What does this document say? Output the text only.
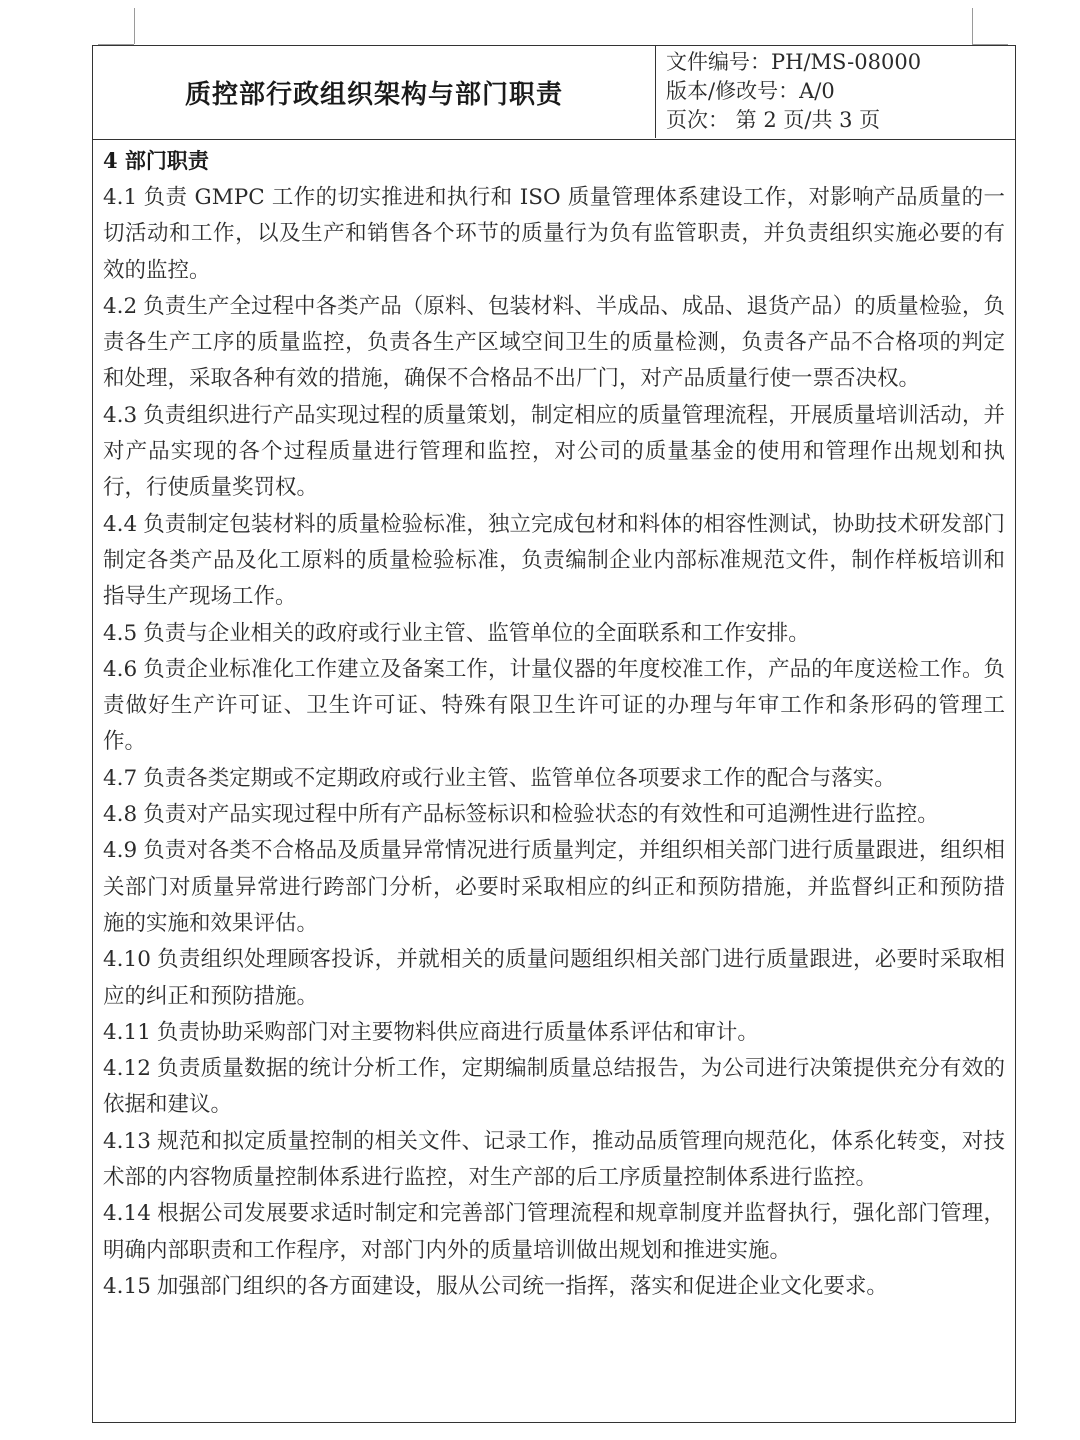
质控部行政组织架构与部门职责
文件编号：PH/MS-08000
版本/修改号：A/0
页次： 第 2 页/共 3 页
4 部门职责

4.1 负责 GMPC 工作的切实推进和执行和 ISO 质量管理体系建设工作，对影响产品质量的一切活动和工作，以及生产和销售各个环节的质量行为负有监管职责，并负责组织实施必要的有效的监控。

4.2 负责生产全过程中各类产品（原料、包装材料、半成品、成品、退货产品）的质量检验，负责各生产工序的质量监控，负责各生产区域空间卫生的质量检测，负责各产品不合格项的判定和处理，采取各种有效的措施，确保不合格品不出厂门，对产品质量行使一票否决权。

4.3 负责组织进行产品实现过程的质量策划，制定相应的质量管理流程，开展质量培训活动，并对产品实现的各个过程质量进行管理和监控，对公司的质量基金的使用和管理作出规划和执行，行使质量奖罚权。

4.4 负责制定包装材料的质量检验标准，独立完成包材和料体的相容性测试，协助技术研发部门制定各类产品及化工原料的质量检验标准，负责编制企业内部标准规范文件，制作样板培训和指导生产现场工作。

4.5 负责与企业相关的政府或行业主管、监管单位的全面联系和工作安排。

4.6 负责企业标准化工作建立及备案工作，计量仪器的年度校准工作，产品的年度送检工作。负责做好生产许可证、卫生许可证、特殊有限卫生许可证的办理与年审工作和条形码的管理工作。

4.7 负责各类定期或不定期政府或行业主管、监管单位各项要求工作的配合与落实。

4.8 负责对产品实现过程中所有产品标签标识和检验状态的有效性和可追溯性进行监控。

4.9 负责对各类不合格品及质量异常情况进行质量判定，并组织相关部门进行质量跟进，组织相关部门对质量异常进行跨部门分析，必要时采取相应的纠正和预防措施，并监督纠正和预防措施的实施和效果评估。

4.10 负责组织处理顾客投诉，并就相关的质量问题组织相关部门进行质量跟进，必要时采取相应的纠正和预防措施。

4.11 负责协助采购部门对主要物料供应商进行质量体系评估和审计。

4.12 负责质量数据的统计分析工作，定期编制质量总结报告，为公司进行决策提供充分有效的依据和建议。

4.13 规范和拟定质量控制的相关文件、记录工作，推动品质管理向规范化，体系化转变，对技术部的内容物质量控制体系进行监控，对生产部的后工序质量控制体系进行监控。

4.14 根据公司发展要求适时制定和完善部门管理流程和规章制度并监督执行，强化部门管理，明确内部职责和工作程序，对部门内外的质量培训做出规划和推进实施。

4.15 加强部门组织的各方面建设，服从公司统一指挥，落实和促进企业文化要求。
